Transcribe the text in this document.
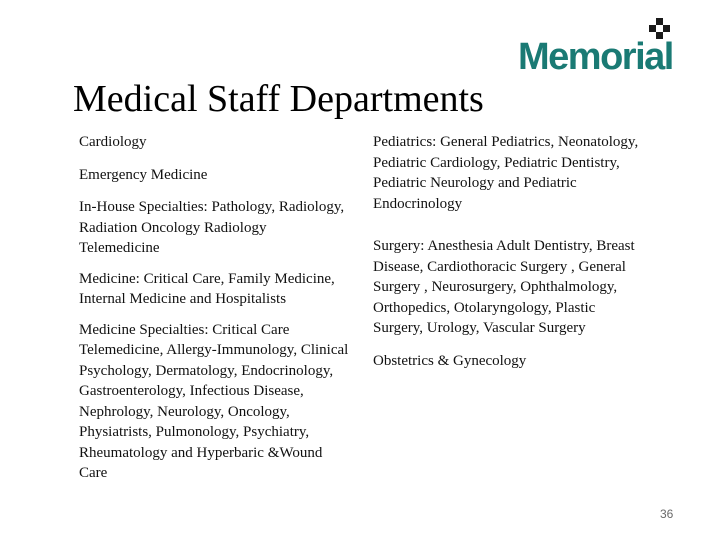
Memorial
Medical Staff Departments

Cardiology

Emergency Medicine

In-House Specialties: Pathology, Radiology, Radiation Oncology Radiology Telemedicine

Medicine: Critical Care, Family Medicine, Internal Medicine and Hospitalists

Medicine Specialties: Critical Care Telemedicine, Allergy-Immunology, Clinical Psychology, Dermatology, Endocrinology, Gastroenterology, Infectious Disease, Nephrology, Neurology, Oncology, Physiatrists, Pulmonology, Psychiatry, Rheumatology and Hyperbaric &Wound Care

Pediatrics: General Pediatrics, Neonatology, Pediatric Cardiology, Pediatric Dentistry, Pediatric Neurology and Pediatric Endocrinology

Surgery: Anesthesia Adult Dentistry, Breast Disease, Cardiothoracic Surgery , General Surgery , Neurosurgery, Ophthalmology, Orthopedics, Otolaryngology, Plastic Surgery, Urology, Vascular Surgery

Obstetrics & Gynecology

36
